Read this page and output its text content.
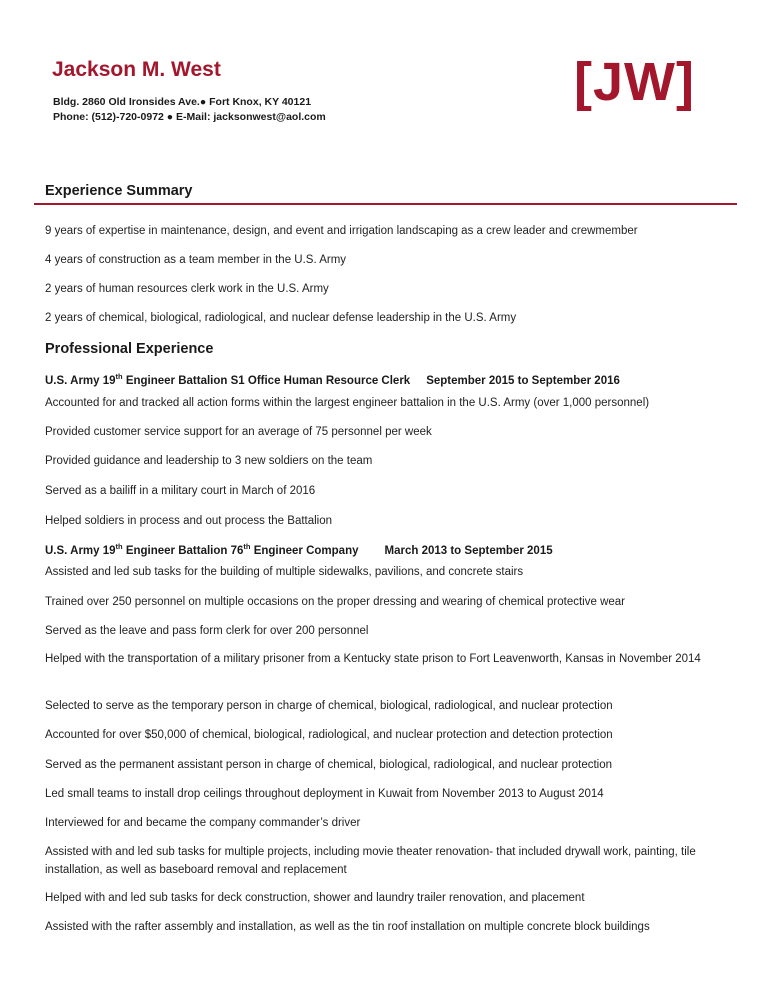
Jackson M. West
Bldg. 2860 Old Ironsides Ave.● Fort Knox, KY 40121
Phone: (512)-720-0972 ● E-Mail: jacksonwest@aol.com
[JW]
Experience Summary

9 years of expertise in maintenance, design, and event and irrigation landscaping as a crew leader and crewmember

4 years of construction as a team member in the U.S. Army

2 years of human resources clerk work in the U.S. Army

2 years of chemical, biological, radiological, and nuclear defense leadership in the U.S. Army

Professional Experience

U.S. Army 19th Engineer Battalion S1 Office Human Resource Clerk September 2015 to September 2016

Accounted for and tracked all action forms within the largest engineer battalion in the U.S. Army (over 1,000 personnel)

Provided customer service support for an average of 75 personnel per week

Provided guidance and leadership to 3 new soldiers on the team

Served as a bailiff in a military court in March of 2016

Helped soldiers in process and out process the Battalion

U.S. Army 19th Engineer Battalion 76th Engineer Company March 2013 to September 2015

Assisted and led sub tasks for the building of multiple sidewalks, pavilions, and concrete stairs

Trained over 250 personnel on multiple occasions on the proper dressing and wearing of chemical protective wear

Served as the leave and pass form clerk for over 200 personnel

Helped with the transportation of a military prisoner from a Kentucky state prison to Fort Leavenworth, Kansas in November 2014

Selected to serve as the temporary person in charge of chemical, biological, radiological, and nuclear protection

Accounted for over $50,000 of chemical, biological, radiological, and nuclear protection and detection protection

Served as the permanent assistant person in charge of chemical, biological, radiological, and nuclear protection

Led small teams to install drop ceilings throughout deployment in Kuwait from November 2013 to August 2014

Interviewed for and became the company commander’s driver

Assisted with and led sub tasks for multiple projects, including movie theater renovation- that included drywall work, painting, tile installation, as well as baseboard removal and replacement

Helped with and led sub tasks for deck construction, shower and laundry trailer renovation, and placement

Assisted with the rafter assembly and installation, as well as the tin roof installation on multiple concrete block buildings
